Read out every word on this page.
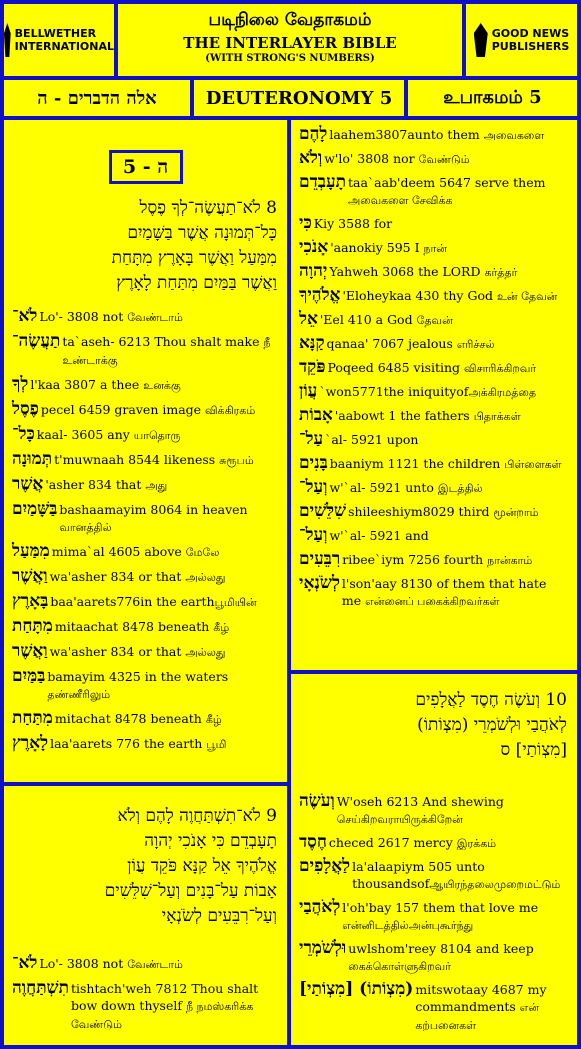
BELLWETHER
INTERNATIONAL
படிநிலை வேதாகமம்
THE INTERLAYER BIBLE
(WITH STRONG'S NUMBERS)
GOOD NEWS
PUBLISHERS
אלה הדברים - ה	DEUTERONOMY 5	உபாகமம் 5
ה - 5
8 לֹא־תַעֲשֶׂה־לְךָ פֶסֶל
כָּל־תְּמוּנָה אֲשֶׁר בַּשָּׁמַיִם
מִמַּעַל וַאֲשֶׁר בָּאָרֶץ מִתָּחַת
וַאֲשֶׁר בַּמַּיִם מִתַּחַת לָאָרֶץ
לֹא־ Lo'- 3808 not வேண்டாம்
תַעֲשֶׂה־ ta`aseh- 6213 Thou shalt make நீ உண்டாக்கு
לְךָ l'kaa 3807 a thee உனக்கு
פֶסֶל pecel 6459 graven image விக்கிரகம்
כָּל־ kaal- 3605 any யாதொரு
תְּמוּנָה t'muwnaah 8544 likeness சுரூபம்
אֲשֶׁר 'asher 834 that அது
בַּשָּׁמַיִם bashaamayim 8064 in heaven வானத்தில்
מִמַּעַל mima`al 4605 above மேலே
וַאֲשֶׁר wa'asher 834 or that அல்லது
בָּאָרֶץ baa'aarets776in the earthபூமியின்
מִתָּחַת mitaachat 8478 beneath கீழ்
וַאֲשֶׁר wa'asher 834 or that அல்லது
בַּמַּיִם bamayim 4325 in the waters தண்ணீரிலும்
מִתַּחַת mitachat 8478 beneath கீழ்
לָאָרֶץ laa'aarets 776 the earth பூமி
9 לֹא־תִשְׁתַּחֲוֶה לָהֶם וְלֹא
תָעָבְדֵם כִּי אָנֹכִי יְהוָה
אֱלֹהֶיךָ אֵל קַנָּא פֹּקֵד עֲוֹן
אָבוֹת עַל־בָּנִים וְעַל־שִׁלֵּשִׁים
וְעַל־רִבֵּעִים לְשֹׂנְאָי
לֹא־ Lo'- 3808 not வேண்டாம்
תִשְׁתַּחֲוֶה tishtach'weh 7812 Thou shalt bow down thyself நீ நமஸ்கரிக்க வேண்டும்
לָהֶם laahem3807aunto them அவைகளை
וְלֹא w'lo' 3808 nor வேண்டும்
תָעָבְדֵם taa`aab'deem 5647 serve them அவைகளை சேவிக்க
כִּי Kiy 3588 for
אָנֹכִי 'aanokiy 595 I நான்
יְהוָה Yahweh 3068 the LORD கர்த்தர்
אֱלֹהֶיךָ 'Eloheykaa 430 thy God உன் தேவன்
אֵל 'Eel 410 a God தேவன்
קַנָּא qanaa' 7067 jealous எரிச்சல்
פֹּקֵד Poqeed 6485 visiting விசாரிக்கிறவர்
עֲוֹן `won5771the iniquityofஅக்கிரமத்தை
אָבוֹת 'aabowt 1 the fathers பிதாக்கள்
עַל־ `al- 5921 upon
בָּנִים baaniym 1121 the children பிள்ளைகள்
וְעַל־ w'`al- 5921 unto இடத்தில்
שִׁלֵּשִׁים shileeshiym8029 third மூன்றாம்
וְעַל־ w'`al- 5921 and
רִבֵּעִים ribee`iym 7256 fourth நான்காம்
לְשֹׂנְאָי l'son'aay 8130 of them that hate me என்னைப் பகைக்கிறவர்கள்
10 וְעֹשֶׂה חֶסֶד לַאֲלָפִים
לְאֹהֲבַי וּלְשֹׁמְרֵי (מִצְוֹתוֹ)
[מִצְוֹתַי] ס
וְעֹשֶׂה W'oseh 6213 And shewing செய்கிறவராயிருக்கிறேன்
חֶסֶד checed 2617 mercy இரக்கம்
לַאֲלָפִים la'alaapiym 505 unto thousandsofஆயிரந்தலைமுறைமட்டும்
לְאֹהֲבַי l'oh'bay 157 them that love me என்னிடத்தில்அன்புகூர்ந்து
וּלְשֹׁמְרֵי uwlshom'reey 8104 and keep கைக்கொள்ளுகிறவர்
[מִצְוֹתַי] (מִצְוֹתוֹ) mitswotaay 4687 my commandments என் கற்பனைகள்
